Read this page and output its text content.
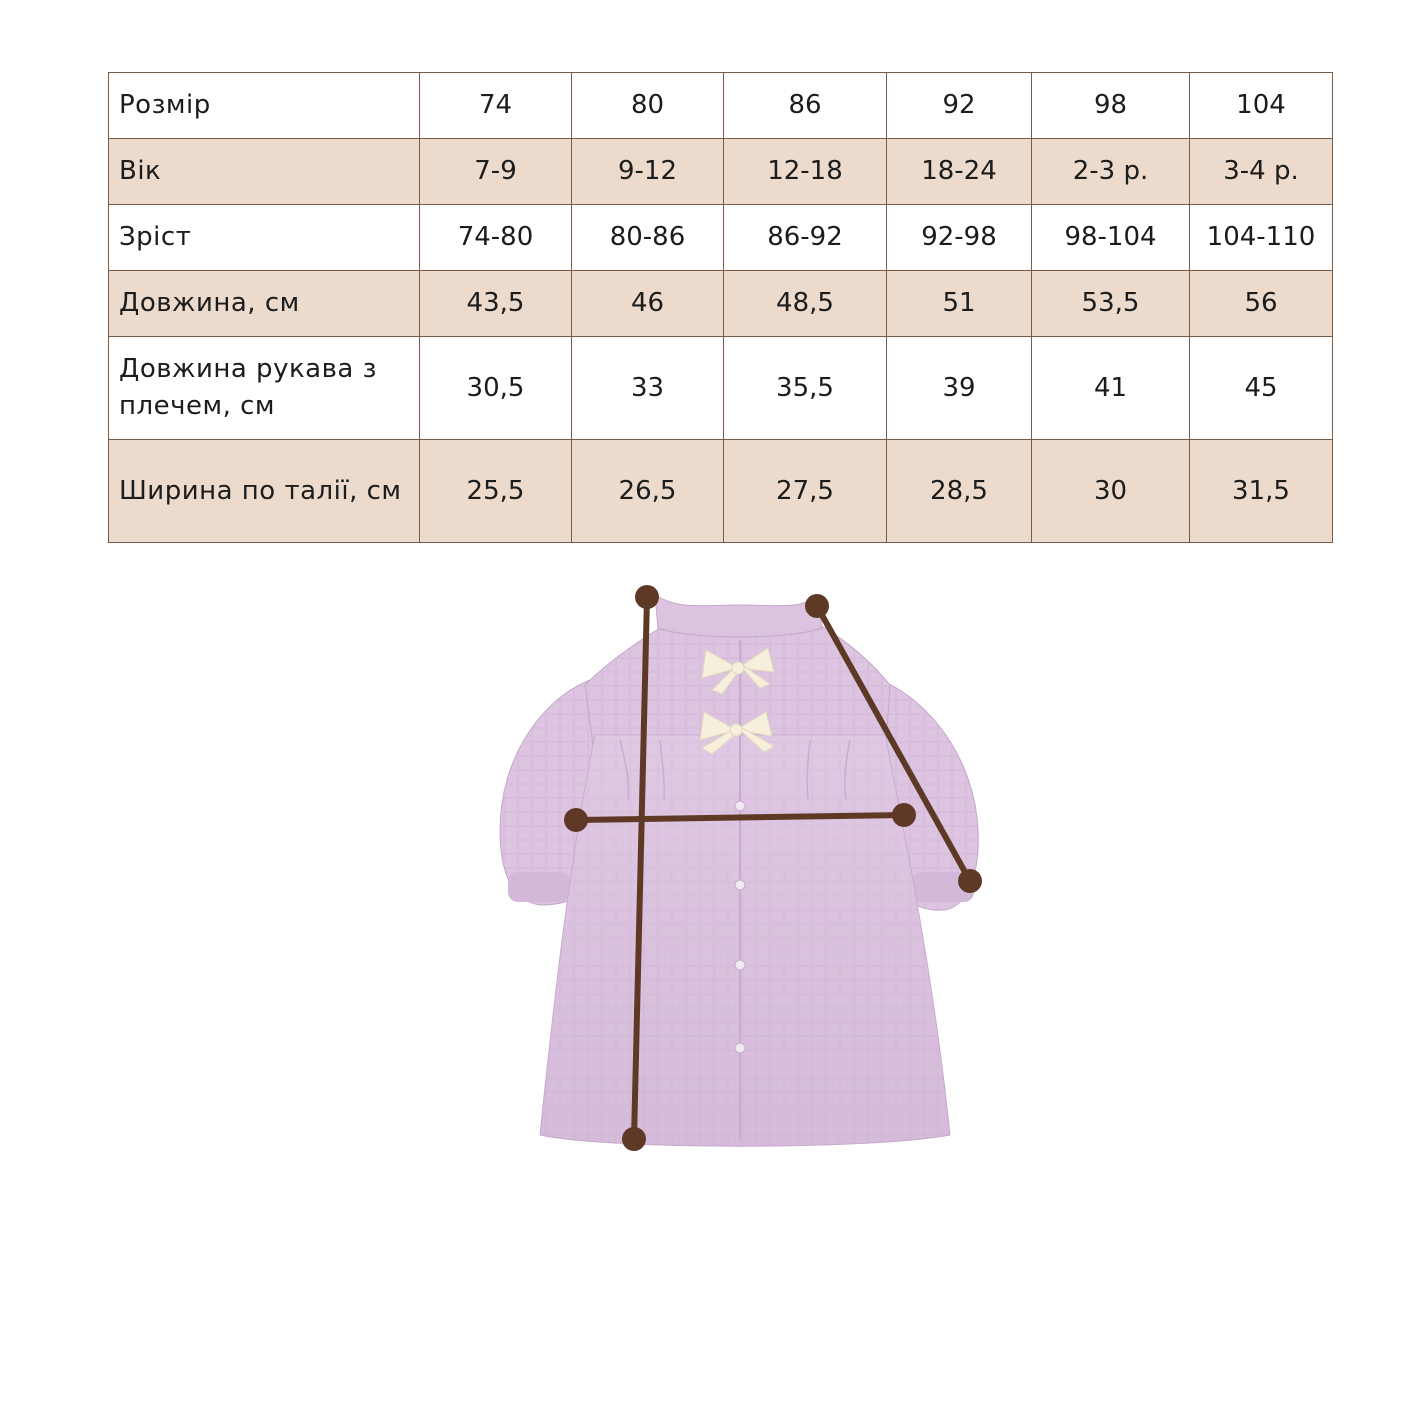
Розмір	74	80	86	92	98	104
Вік	7-9	9-12	12-18	18-24	2-3 р.	3-4 р.
Зріст	74-80	80-86	86-92	92-98	98-104	104-110
Довжина, см	43,5	46	48,5	51	53,5	56
Довжина рукава з плечем, см	30,5	33	35,5	39	41	45
Ширина по талії, см	25,5	26,5	27,5	28,5	30	31,5
